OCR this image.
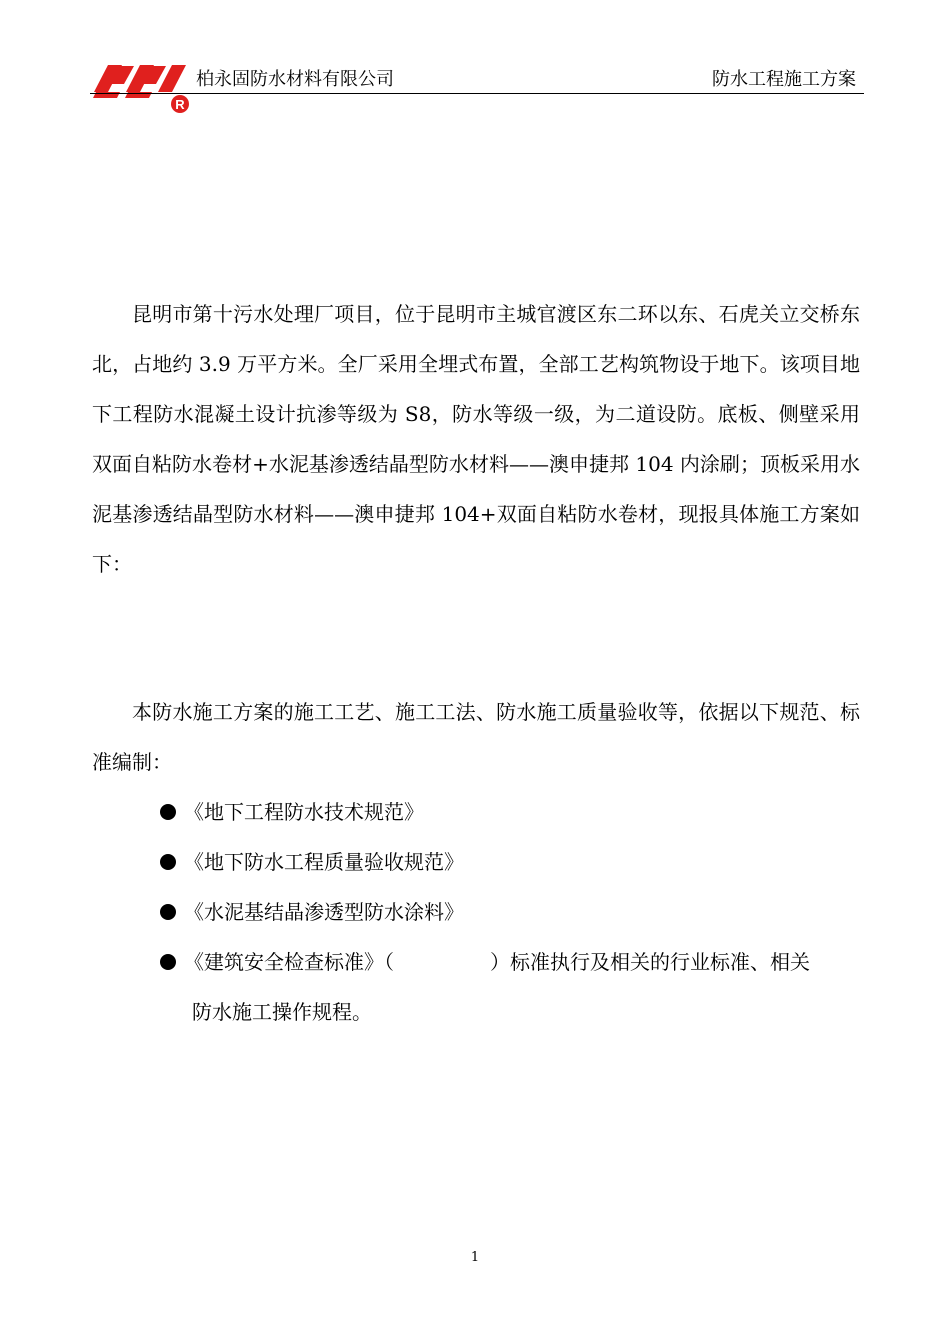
R
柏永固防水材料有限公司	防水工程施工方案

昆明市第十污水处理厂项目，位于昆明市主城官渡区东二环以东、石虎关立交桥东北，占地约 3.9 万平方米。全厂采用全埋式布置，全部工艺构筑物设于地下。该项目地下工程防水混凝土设计抗渗等级为 S8，防水等级一级，为二道设防。底板、侧壁采用双面自粘防水卷材+水泥基渗透结晶型防水材料——澳申捷邦 104 内涂刷；顶板采用水泥基渗透结晶型防水材料——澳申捷邦 104+双面自粘防水卷材，现报具体施工方案如下：

本防水施工方案的施工工艺、施工工法、防水施工质量验收等，依据以下规范、标准编制：

《地下工程防水技术规范》
《地下防水工程质量验收规范》
《水泥基结晶渗透型防水涂料》
《建筑安全检查标准》（	）标准执行及相关的行业标准、相关
防水施工操作规程。
1
